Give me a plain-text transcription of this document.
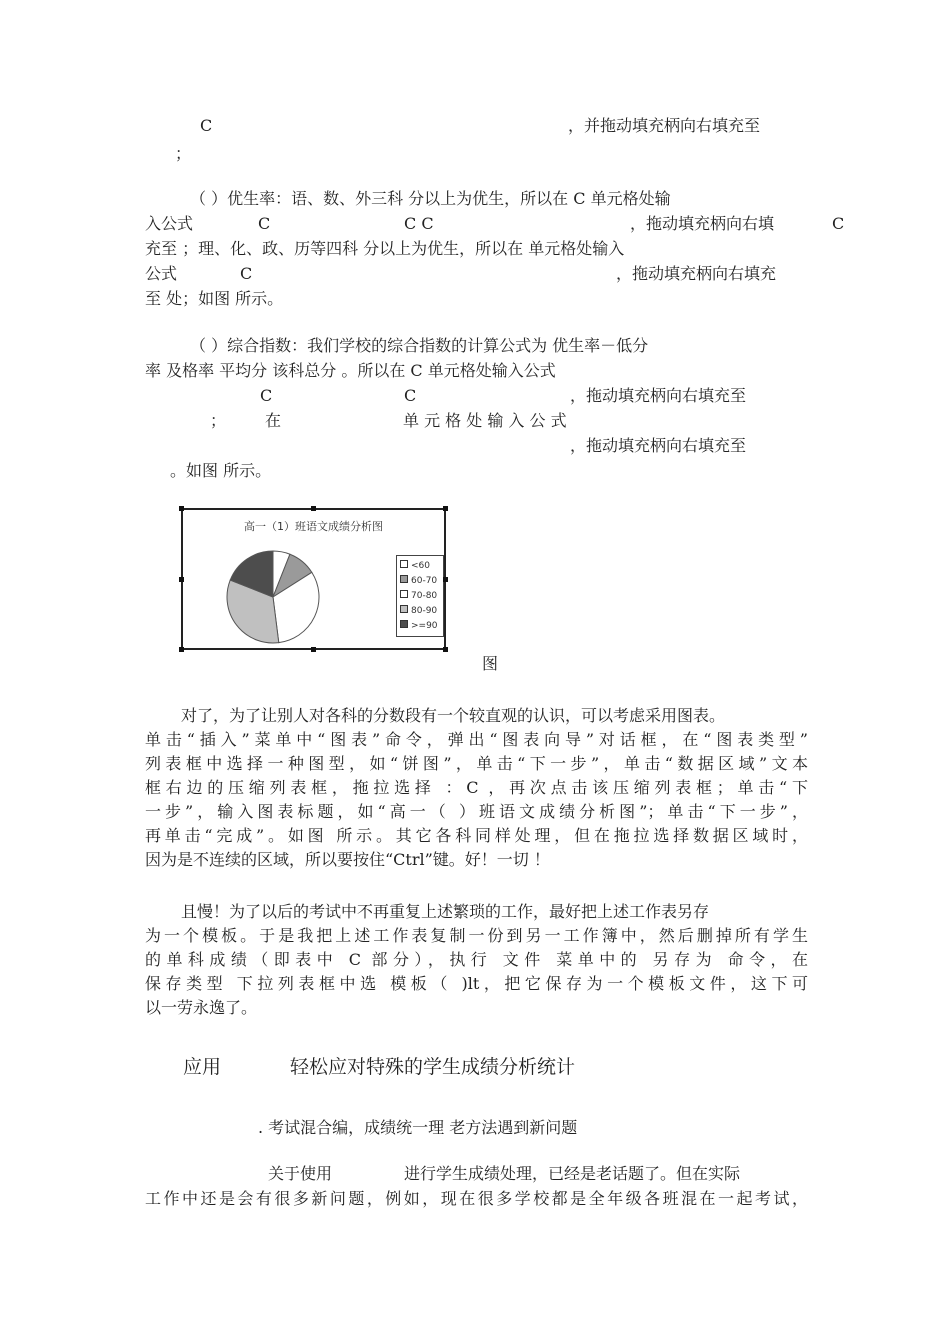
C	，并拖动填充柄向右填充至
；
（ ）优生率：语、数、外三科 分以上为优生，所以在 C 单元格处输
入公式	C	C C	，拖动填充柄向右填	C
充至 ；理、化、政、历等四科 分以上为优生，所以在 单元格处输入
公式	C	，拖动填充柄向右填充
至 处；如图 所示。
（ ）综合指数：我们学校的综合指数的计算公式为 优生率－低分
率 及格率 平均分 该科总分 。所以在 C 单元格处输入公式
C	C	，拖动填充柄向右填充至
； 在	单 元 格 处 输 入 公 式
，拖动填充柄向右填充至
。如图 所示。
高一（1）班语文成绩分析图
<60
60-70
70-80
80-90
>=90
图
对了，为了让别人对各科的分数段有一个较直观的认识，可以考虑采用图表。
单击“插入”菜单中“图表”命令，弹出“图表向导”对话框，在“图表类型”
列表框中选择一种图型，如“饼图”，单击“下一步”，单击“数据区域”文本
框右边的压缩列表框，拖拉选择 ：C ，再次点击该压缩列表框；单击“下
一步”，输入图表标题，如“高一（ ）班语文成绩分析图”；单击“下一步”，
再单击“完成”。如图 所示。其它各科同样处理，但在拖拉选择数据区域时，
因为是不连续的区域，所以要按住“Ctrl”键。好！一切 ！
且慢！为了以后的考试中不再重复上述繁琐的工作，最好把上述工作表另存
为一个模板。于是我把上述工作表复制一份到另一工作簿中，然后删掉所有学生
的单科成绩（即表中 C 部分），执行 文件 菜单中的 另存为 命令，在
保存类型 下拉列表框中选 模板（ )lt，把它保存为一个模板文件，这下可
以一劳永逸了。
应用	轻松应对特殊的学生成绩分析统计
. 考试混合编，成绩统一理 老方法遇到新问题
关于使用	进行学生成绩处理，已经是老话题了。但在实际
工作中还是会有很多新问题，例如，现在很多学校都是全年级各班混在一起考试，
